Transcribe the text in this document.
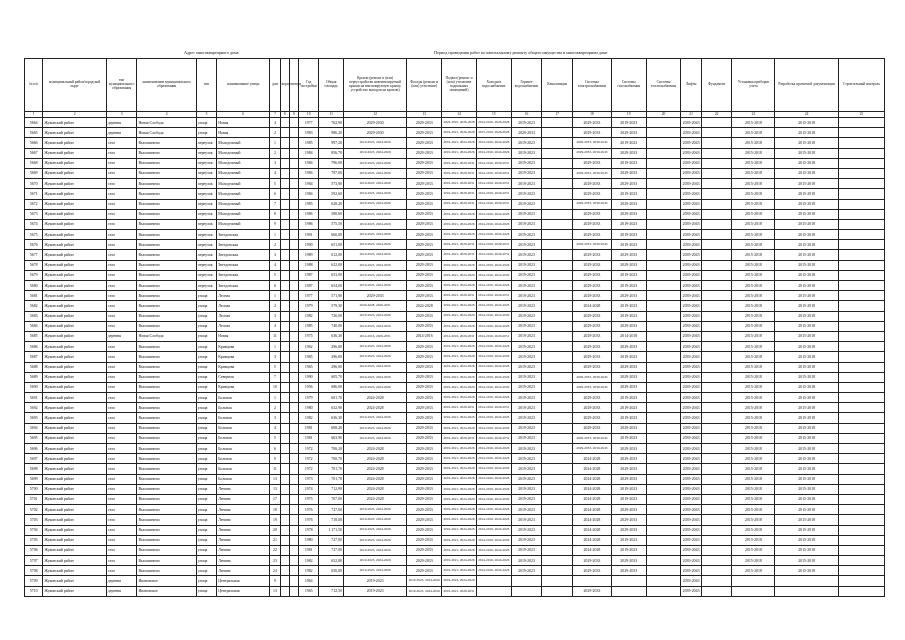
Адрес многоквартирного дома	Период проведения работ по капитальному ремонту общего имущества в многоквартирном доме
№ п/п	муниципальный район/городской округ	тип муниципального образования	наименование муниципального образования	тип	наименование улицы	дом	корпус	литера	Год постройки	Общая площадь	Кровли (ремонт и (или) переустройство невентилируемой крыши на вентилируемую крышу, устройство выходов на кровлю)	Фасады (ремонт и (или) утепление)	Подвал (ремонт и (или) утепление подвальных помещений)	Холодное водоснабжение	Горячее водоснабжение	Канализация	Системы электроснабжения	Системы газоснабжения	Системы теплоснабжения	Лифты	Фундамент	Установка приборов учета	Разработка проектной документации	Строительный контроль
1	2	3	4	5	6	7	8	9	10	11	12	13	14	15	16	17	18	19	20	21	22	23	24	25
5664	Жуковский район	деревня	Новая Слобода	улица	Новая	4			1977	762,90	2029-2030	2029-2033	2023-2025, 2026-2028	2014-2016, 2026-2028	2019-2023		2029-2033	2019-2023		2039-2043		2015-2018	2015-2018	
5665	Жуковский район	деревня	Новая Слобода	улица	Новая	2			1983	986,20	2029-2030	2029-2033	2019-2021, 2026-2028	2015-2016, 2026-2028	2029-2033		2029-2033	2029-2033		2039-2043		2015-2018	2015-2018	
5666	Жуковский район	село	Высокиничи	переулок	Молодежный	1			1985	997,20	2019-2023, 2024-2026	2029-2033	2019-2021, 2024-2026	2014-2016, 2024-2026	2019-2023		2029-2033, 2039-2043	2019-2023		2039-2043		2015-2018	2015-2018	
5667	Жуковский район	село	Высокиничи	переулок	Молодежный	2			1984	856,70	2019-2023, 2024-2026	2029-2033	2019-2021, 2024-2026	2014-2016, 2024-2026	2019-2023		2029-2033, 2039-2043	2029-2033		2039-2043		2015-2018	2015-2018	
5668	Жуковский район	село	Высокиничи	переулок	Молодежный	3			1984	796,00	2019-2023, 2024-2026	2029-2033	2019-2021, 2029-2031	2014-2016, 2029-2031	2019-2023		2029-2033	2019-2023		2039-2043		2015-2018	2015-2018	
5669	Жуковский район	село	Высокиничи	переулок	Молодежный	4			1984	797,00	2019-2023, 2024-2026	2029-2033	2019-2021, 2029-2031	2014-2016, 2029-2031	2019-2023		2029-2033, 2039-2043	2029-2033		2039-2043		2015-2018	2015-2018	
5670	Жуковский район	село	Высокиничи	переулок	Молодежный	5			1984	573,90	2019-2023, 2024-2026	2029-2033	2019-2021, 2029-2031	2014-2016, 2029-2031	2019-2023		2029-2033	2029-2033		2039-2043		2015-2018	2015-2018	
5671	Жуковский район	село	Высокиничи	переулок	Молодежный	6			1984	592,60	2019-2023, 2024-2026	2029-2033	2019-2021, 2029-2031	2014-2016, 2029-2031	2019-2023		2029-2033	2019-2023		2039-2043		2015-2018	2015-2018	
5672	Жуковский район	село	Высокиничи	переулок	Молодежный	7			1985	628,20	2019-2023, 2024-2026	2029-2033	2019-2021, 2029-2031	2014-2016, 2029-2031	2019-2023		2029-2033, 2039-2043	2029-2033		2039-2043		2015-2018	2015-2018	
5673	Жуковский район	село	Высокиничи	переулок	Молодежный	8			1986	580,60	2019-2023, 2024-2026	2029-2033	2019-2021, 2024-2026	2014-2016, 2024-2026	2019-2023		2029-2033	2029-2033		2039-2043		2015-2018	2015-2018	
5674	Жуковский район	село	Высокиничи	переулок	Молодежный	9			1986	575,50	2019-2023, 2024-2026	2029-2033	2019-2021, 2024-2026	2014-2016, 2024-2026	2019-2023		2029-2033	2019-2023		2039-2043		2015-2018	2015-2018	
5675	Жуковский район	село	Высокиничи	переулок	Звездовская	1			1991	660,00	2019-2023, 2024-2026	2029-2033	2019-2021, 2024-2026	2014-2016, 2024-2026	2019-2023		2029-2033	2019-2023		2039-2043		2015-2018	2015-2018	
5676	Жуковский район	село	Высокиничи	переулок	Звездовская	2			1990	651,00	2019-2023, 2024-2026	2029-2033	2019-2021, 2029-2031	2014-2016, 2029-2031	2019-2023		2029-2033, 2039-2043	2019-2023		2039-2043		2015-2018	2015-2018	
5677	Жуковский район	село	Высокиничи	переулок	Звездовская	3			1989	612,00	2019-2023, 2024-2026	2029-2033	2019-2021, 2029-2031	2014-2016, 2029-2031	2019-2023		2029-2033	2029-2033		2039-2043		2015-2018	2015-2018	
5678	Жуковский район	село	Высокиничи	переулок	Звездовская	4			1988	622,00	2019-2023, 2024-2026	2029-2033	2019-2021, 2024-2026	2014-2016, 2024-2026	2019-2023		2029-2033	2029-2033		2039-2043		2015-2018	2015-2018	
5679	Жуковский район	село	Высокиничи	переулок	Звездовская	5			1987	653,00	2019-2023, 2024-2026	2029-2033	2019-2021, 2024-2026	2014-2016, 2024-2026	2019-2023		2029-2033	2019-2023		2039-2043		2015-2018	2015-2018	
5680	Жуковский район	село	Высокиничи	переулок	Звездовская	6			1987	654,00	2019-2023, 2024-2026	2029-2033	2019-2021, 2024-2026	2014-2016, 2024-2026	2019-2023		2029-2033	2019-2023		2039-2043		2015-2018	2015-2018	
5681	Жуковский район	село	Высокиничи	улица	Лесная	1			1977	571,90	2029-2033	2029-2033	2019-2021, 2029-2031	2014-2016, 2029-2031	2019-2023		2029-2033	2029-2033		2039-2043		2015-2018	2015-2018	
5682	Жуковский район	село	Высокиничи	улица	Лесная	2			1979	579,30	2026-2028, 2029-2031	2024-2028	2019-2021, 2024-2026	2014-2016, 2024-2026	2019-2023		2024-2028	2019-2023		2039-2043		2015-2018	2015-2018	
5683	Жуковский район	село	Высокиничи	улица	Лесная	3			1982	726,00	2019-2023, 2024-2026	2029-2033	2019-2021, 2024-2026	2014-2016, 2024-2026	2019-2023		2029-2033	2019-2023		2039-2043		2015-2018	2015-2018	
5684	Жуковский район	село	Высокиничи	улица	Лесная	4			1985	740,00	2019-2023, 2024-2026	2029-2033	2019-2021, 2024-2026	2014-2016, 2024-2026	2019-2023		2029-2033	2029-2033		2039-2043		2015-2018	2015-2018	
5685	Жуковский район	деревня	Новая Слобода	улица	Новая	11			1975	636,30	2014-2016, 2029-2031	2014-2016	2014-2016, 2029-2031	2014-2016, 2029-2031	2019-2023		2029-2033	2014-2018		2039-2043		2015-2018	2015-2018	
5686	Жуковский район	село	Высокиничи	улица	Кривцова	1			1962	296,00	2019-2023, 2024-2026	2029-2033	2019-2021, 2024-2026	2014-2016, 2024-2026	2019-2023		2029-2033	2029-2033		2039-2043		2015-2018	2015-2018	
5687	Жуковский район	село	Высокиничи	улица	Кривцова	3			1965	296,00	2019-2023, 2024-2026	2029-2033	2019-2021, 2024-2026	2014-2016, 2024-2026	2019-2023		2029-2033	2019-2023		2039-2043		2015-2018	2015-2018	
5688	Жуковский район	село	Высокиничи	улица	Кривцова	5			1965	296,00	2019-2023, 2024-2026	2029-2033	2019-2021, 2024-2026	2014-2016, 2024-2026	2019-2023		2029-2033	2029-2033		2039-2043		2015-2018	2015-2018	
5689	Жуковский район	село	Высокиничи	улица	Северная	7			1990	605,70	2019-2023, 2024-2026	2029-2033	2019-2021, 2024-2026	2014-2016, 2024-2026	2019-2023		2029-2033, 2039-2043	2029-2033		2039-2043		2015-2018	2015-2018	
5690	Жуковский район	село	Высокиничи	улица	Кривцова	10			1956	686,00	2019-2023, 2024-2026	2029-2033	2019-2021, 2024-2026	2014-2016, 2024-2026	2019-2023		2029-2033, 2039-2043	2029-2033		2039-2043		2015-2018	2015-2018	
5691	Жуковский район	село	Высокиничи	улица	Больная	1			1979	601,70	2024-2028	2029-2033	2019-2021, 2024-2026	2014-2016, 2024-2026	2019-2023		2029-2033	2019-2023		2039-2043		2015-2018	2015-2018	
5692	Жуковский район	село	Высокиничи	улица	Больная	2			1980	632,90	2024-2028	2029-2033	2019-2021, 2029-2031	2014-2016, 2029-2031	2019-2023		2029-2033	2019-2023		2039-2043		2015-2018	2015-2018	
5693	Жуковский район	село	Высокиничи	улица	Больная	3			1982	636,30	2019-2023, 2024-2026	2029-2033	2019-2021, 2024-2026	2014-2016, 2024-2026	2019-2023		2029-2033	2019-2023		2039-2043		2015-2018	2015-2018	
5694	Жуковский район	село	Высокиничи	улица	Больная	4			1981	608,20	2019-2023, 2024-2026	2029-2033	2019-2021, 2024-2026	2014-2016, 2024-2026	2019-2023		2029-2033	2029-2033		2039-2043		2015-2018	2015-2018	
5695	Жуковский район	село	Высокиничи	улица	Больная	5			1981	663,90	2019-2023, 2024-2026	2029-2033	2019-2021, 2029-2031	2014-2016, 2029-2031	2019-2023		2029-2033, 2039-2043	2019-2023		2039-2043		2015-2018	2015-2018	
5696	Жуковский район	село	Высокиничи	улица	Больная	6			1972	706,20	2024-2028	2029-2033	2019-2021, 2024-2026	2014-2016, 2024-2026	2019-2023		2029-2033, 2039-2043	2029-2033		2039-2043		2015-2018	2015-2018	
5697	Жуковский район	село	Высокиничи	улица	Больная	9			1972	700,70	2024-2028	2029-2033	2019-2021, 2024-2026	2014-2016, 2024-2026	2019-2023		2024-2028	2029-2033		2039-2043		2015-2018	2015-2018	
5698	Жуковский район	село	Высокиничи	улица	Больная	11			1972	701,70	2024-2028	2029-2033	2019-2021, 2024-2026	2014-2016, 2024-2026	2019-2023		2024-2028	2029-2033		2039-2043		2015-2018	2015-2018	
5699	Жуковский район	село	Высокиничи	улица	Больная	13			1973	701,70	2024-2028	2029-2033	2019-2021, 2024-2026	2014-2016, 2024-2026	2019-2023		2024-2028	2029-2033		2039-2043		2015-2018	2015-2018	
5700	Жуковский район	село	Высокиничи	улица	Ленина	13			1974	712,90	2024-2028	2029-2033	2019-2021, 2024-2026	2014-2016, 2024-2026	2019-2023		2024-2028	2019-2023		2039-2043		2015-2018	2015-2018	
5701	Жуковский район	село	Высокиничи	улица	Ленина	17			1975	707,00	2024-2028	2029-2033	2019-2021, 2024-2026	2014-2016, 2024-2026	2019-2023		2024-2028	2019-2023		2039-2043		2015-2018	2015-2018	
5702	Жуковский район	село	Высокиничи	улица	Ленина	18			1976	727,00	2019-2023, 2024-2026	2029-2033	2019-2021, 2024-2026	2014-2016, 2024-2026	2019-2023		2024-2028	2029-2033		2039-2043		2015-2018	2015-2018	
5703	Жуковский район	село	Высокиничи	улица	Ленина	19			1976	718,00	2019-2023, 2024-2026	2029-2033	2019-2021, 2024-2026	2014-2016, 2024-2026	2019-2023		2024-2028	2029-2033		2039-2043		2015-2018	2015-2018	
5704	Жуковский район	село	Высокиничи	улица	Ленина	20			1978	1 171,50	2019-2023, 2024-2026	2029-2033	2019-2021, 2024-2026	2014-2016, 2024-2026	2019-2023		2024-2028	2029-2033		2039-2043		2015-2018	2015-2018	
5705	Жуковский район	село	Высокиничи	улица	Ленина	21			1980	727,00	2019-2023, 2024-2026	2029-2033	2019-2021, 2024-2026	2014-2016, 2024-2026	2019-2023		2024-2028	2019-2023		2039-2043		2015-2018	2015-2018	
5706	Жуковский район	село	Высокиничи	улица	Ленина	22			1981	727,00	2019-2023, 2024-2026	2029-2033	2019-2021, 2024-2026	2014-2016, 2024-2026	2019-2023		2024-2028	2019-2023		2039-2043		2015-2018	2015-2018	
5707	Жуковский район	село	Высокиничи	улица	Ленина	23			1982	652,80	2019-2023, 2024-2026	2029-2033	2019-2021, 2024-2026	2014-2016, 2024-2026	2019-2023		2029-2033	2029-2033		2039-2043		2015-2018	2015-2018	
5708	Жуковский район	село	Высокиничи	улица	Ленина	24			1982	650,00	2019-2023, 2024-2026	2029-2033	2019-2021, 2024-2026	2014-2016, 2024-2026	2019-2023		2029-2033	2029-2033		2039-2043		2015-2018	2015-2018	
5709	Жуковский район	деревня	Ивановское	улица	Центральная	9			1964		2019-2023	2019-2023, 2024-2026	2019-2023, 2024-2026							2039-2043				
5710	Жуковский район	деревня	Ивановское	улица	Центральная	13			1965	712,50	2019-2023	2019-2023, 2024-2026	2019-2021, 2029-2031				2029-2033			2039-2043				
